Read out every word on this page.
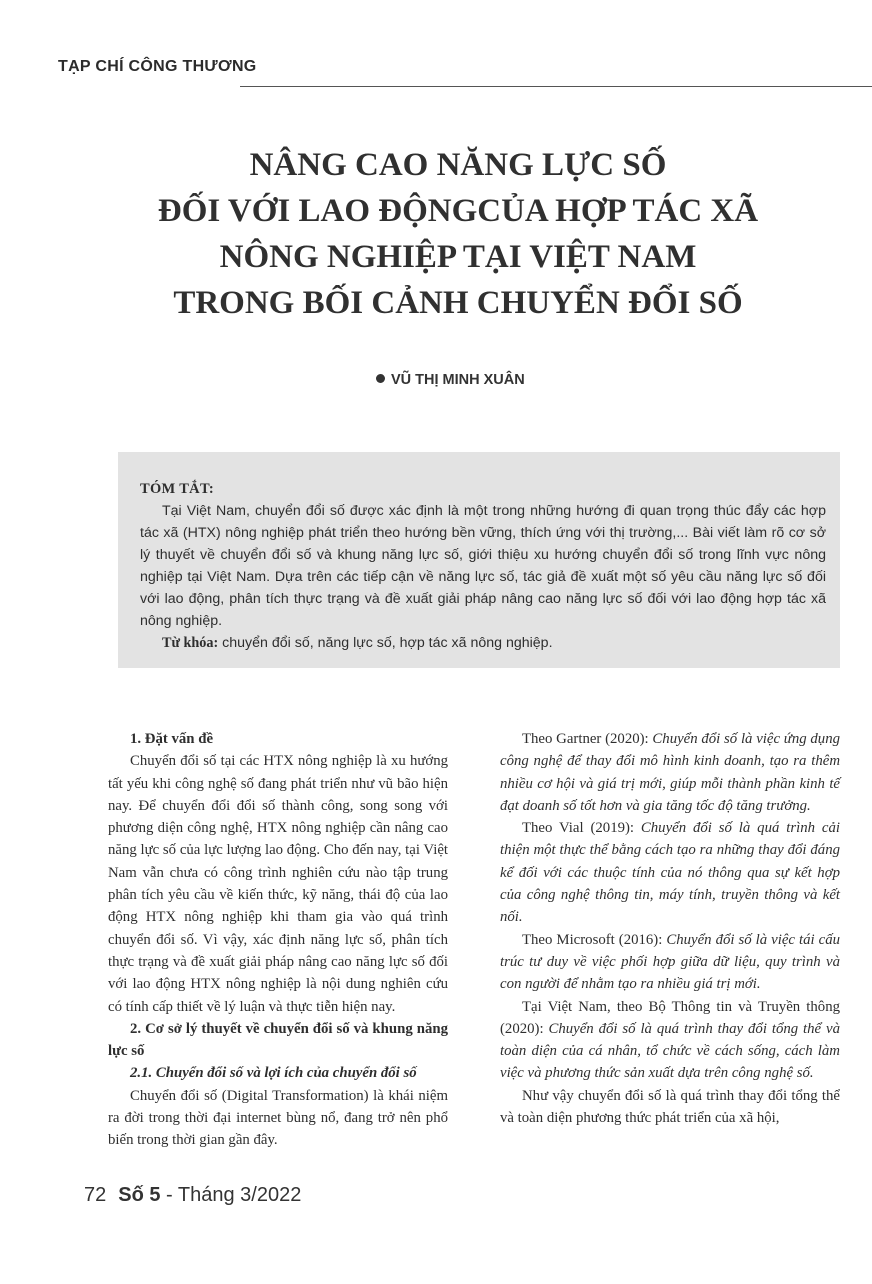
TẠP CHÍ CÔNG THƯƠNG
NÂNG CAO NĂNG LỰC SỐ
ĐỐI VỚI LAO ĐỘNGCỦA HỢP TÁC XÃ
NÔNG NGHIỆP TẠI VIỆT NAM
TRONG BỐI CẢNH CHUYỂN ĐỔI SỐ
VŨ THỊ MINH XUÂN
TÓM TẮT:

Tại Việt Nam, chuyển đổi số được xác định là một trong những hướng đi quan trọng thúc đẩy các hợp tác xã (HTX) nông nghiệp phát triển theo hướng bền vững, thích ứng với thị trường,... Bài viết làm rõ cơ sở lý thuyết về chuyển đổi số và khung năng lực số, giới thiệu xu hướng chuyển đổi số trong lĩnh vực nông nghiệp tại Việt Nam. Dựa trên các tiếp cận về năng lực số, tác giả đề xuất một số yêu cầu năng lực số đối với lao động, phân tích thực trạng và đề xuất giải pháp nâng cao năng lực số đối với lao động hợp tác xã nông nghiệp.

Từ khóa: chuyển đổi số, năng lực số, hợp tác xã nông nghiệp.

1. Đặt vấn đề

Chuyển đổi số tại các HTX nông nghiệp là xu hướng tất yếu khi công nghệ số đang phát triển như vũ bão hiện nay. Để chuyển đổi đổi số thành công, song song với phương diện công nghệ, HTX nông nghiệp cần nâng cao năng lực số của lực lượng lao động. Cho đến nay, tại Việt Nam vẫn chưa có công trình nghiên cứu nào tập trung phân tích yêu cầu về kiến thức, kỹ năng, thái độ của lao động HTX nông nghiệp khi tham gia vào quá trình chuyển đổi số. Vì vậy, xác định năng lực số, phân tích thực trạng và đề xuất giải pháp nâng cao năng lực số đối với lao động HTX nông nghiệp là nội dung nghiên cứu có tính cấp thiết về lý luận và thực tiễn hiện nay.

2. Cơ sở lý thuyết về chuyển đổi số và khung năng lực số

2.1. Chuyển đổi số và lợi ích của chuyển đổi số

Chuyển đổi số (Digital Transformation) là khái niệm ra đời trong thời đại internet bùng nổ, đang trở nên phổ biến trong thời gian gần đây.

Theo Gartner (2020): Chuyển đổi số là việc ứng dụng công nghệ để thay đổi mô hình kinh doanh, tạo ra thêm nhiều cơ hội và giá trị mới, giúp mỗi thành phần kinh tế đạt doanh số tốt hơn và gia tăng tốc độ tăng trưởng.

Theo Vial (2019): Chuyển đổi số là quá trình cải thiện một thực thể bằng cách tạo ra những thay đổi đáng kể đối với các thuộc tính của nó thông qua sự kết hợp của công nghệ thông tin, máy tính, truyền thông và kết nối.

Theo Microsoft (2016): Chuyển đổi số là việc tái cấu trúc tư duy về việc phối hợp giữa dữ liệu, quy trình và con người để nhằm tạo ra nhiều giá trị mới.

Tại Việt Nam, theo Bộ Thông tin và Truyền thông (2020): Chuyển đổi số là quá trình thay đổi tổng thể và toàn diện của cá nhân, tổ chức về cách sống, cách làm việc và phương thức sản xuất dựa trên công nghệ số.

Như vậy chuyển đổi số là quá trình thay đổi tổng thể và toàn diện phương thức phát triển của xã hội,

72 Số 5 - Tháng 3/2022
